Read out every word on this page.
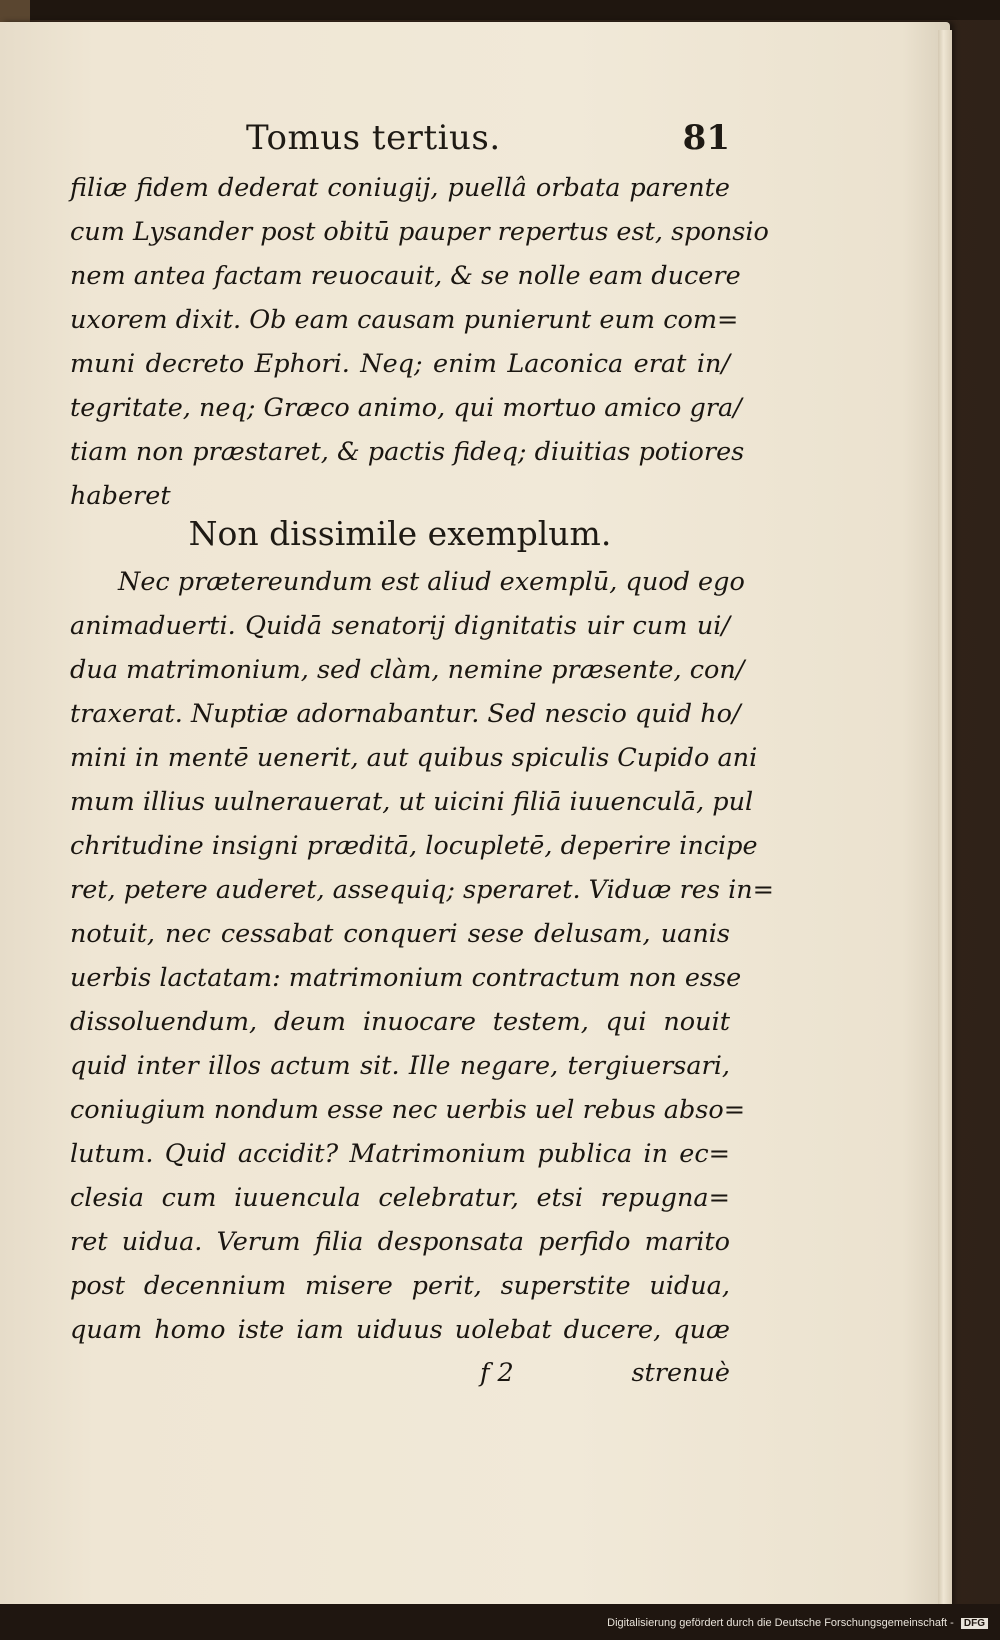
Tomus tertius.	81
filiæ fidem dederat coniugij, puellâ orbata parente
cum Lysander post obitū pauper repertus est, sponsio
nem antea factam reuocauit, & se nolle eam ducere
uxorem dixit. Ob eam causam punierunt eum com=
muni decreto Ephori. Neq; enim Laconica erat in/
tegritate, neq; Græco animo, qui mortuo amico gra/
tiam non præstaret, & pactis fideq; diuitias potiores
haberet
Non dissimile exemplum.
Nec prætereundum est aliud exemplū, quod ego
animaduerti. Quidā senatorij dignitatis uir cum ui/
dua matrimonium, sed clàm, nemine præsente, con/
traxerat. Nuptiæ adornabantur. Sed nescio quid ho/
mini in mentē uenerit, aut quibus spiculis Cupido ani
mum illius uulnerauerat, ut uicini filiā iuuenculā, pul
chritudine insigni præditā, locupletē, deperire incipe
ret, petere auderet, assequiq; speraret. Viduæ res in=
notuit, nec cessabat conqueri sese delusam, uanis
uerbis lactatam: matrimonium contractum non esse
dissoluendum, deum inuocare testem, qui nouit
quid inter illos actum sit. Ille negare, tergiuersari,
coniugium nondum esse nec uerbis uel rebus abso=
lutum. Quid accidit? Matrimonium publica in ec=
clesia cum iuuencula celebratur, etsi repugna=
ret uidua. Verum filia desponsata perfido marito
post decennium misere perit, superstite uidua,
quam homo iste iam uiduus uolebat ducere, quæ
f 2	strenuè
Digitalisierung gefördert durch die Deutsche Forschungsgemeinschaft - DFG
